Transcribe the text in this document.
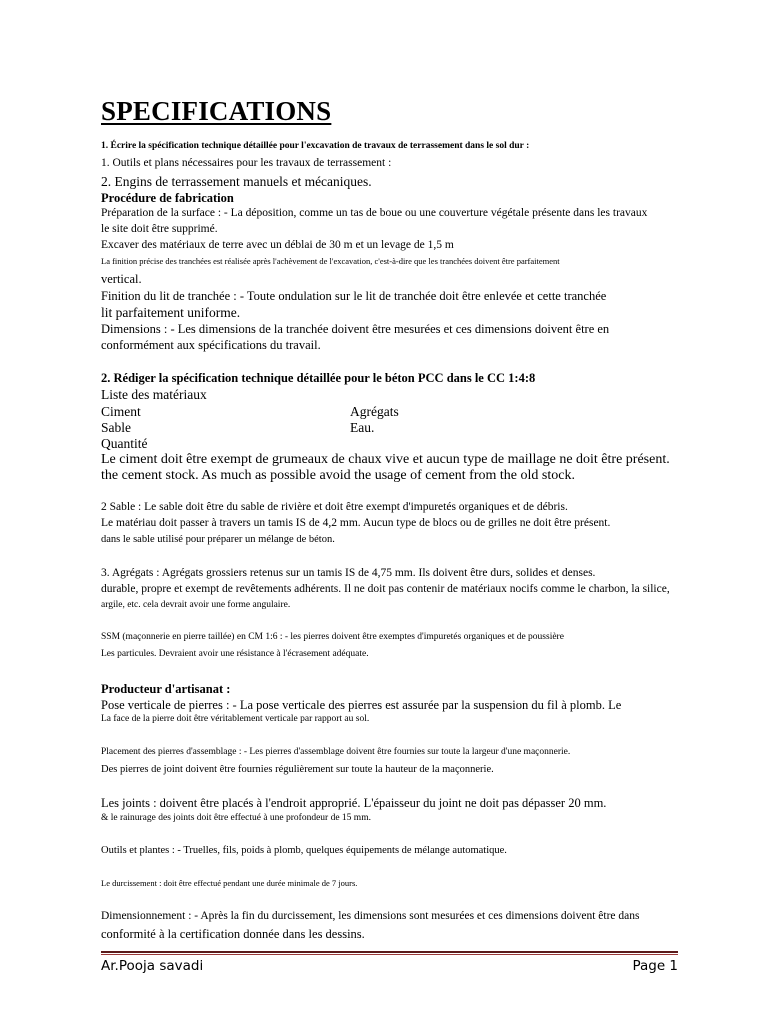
SPECIFICATIONS
1. Écrire la spécification technique détaillée pour l'excavation de travaux de terrassement dans le sol dur :
1. Outils et plans nécessaires pour les travaux de terrassement :
2. Engins de terrassement manuels et mécaniques.
Procédure de fabrication
Préparation de la surface : - La déposition, comme un tas de boue ou une couverture végétale présente dans les travaux
le site doit être supprimé.
Excaver des matériaux de terre avec un déblai de 30 m et un levage de 1,5 m
La finition précise des tranchées est réalisée après l'achèvement de l'excavation, c'est-à-dire que les tranchées doivent être parfaitement
vertical.
Finition du lit de tranchée : - Toute ondulation sur le lit de tranchée doit être enlevée et cette tranchée
lit parfaitement uniforme.
Dimensions : - Les dimensions de la tranchée doivent être mesurées et ces dimensions doivent être en
conformément aux spécifications du travail.
2. Rédiger la spécification technique détaillée pour le béton PCC dans le CC 1:4:8
Liste des matériaux
Ciment	Agrégats
Sable	Eau.
Quantité
Le ciment doit être exempt de grumeaux de chaux vive et aucun type de maillage ne doit être présent.
the cement stock. As much as possible avoid the usage of cement from the old stock.
2 Sable : Le sable doit être du sable de rivière et doit être exempt d'impuretés organiques et de débris.
Le matériau doit passer à travers un tamis IS de 4,2 mm. Aucun type de blocs ou de grilles ne doit être présent.
dans le sable utilisé pour préparer un mélange de béton.
3. Agrégats : Agrégats grossiers retenus sur un tamis IS de 4,75 mm. Ils doivent être durs, solides et denses.
durable, propre et exempt de revêtements adhérents. Il ne doit pas contenir de matériaux nocifs comme le charbon, la silice,
argile, etc. cela devrait avoir une forme angulaire.
SSM (maçonnerie en pierre taillée) en CM 1:6 : - les pierres doivent être exemptes d'impuretés organiques et de poussière
Les particules. Devraient avoir une résistance à l'écrasement adéquate.
Producteur d'artisanat :
Pose verticale de pierres : - La pose verticale des pierres est assurée par la suspension du fil à plomb. Le
La face de la pierre doit être véritablement verticale par rapport au sol.
Placement des pierres d'assemblage : - Les pierres d'assemblage doivent être fournies sur toute la largeur d'une maçonnerie.
Des pierres de joint doivent être fournies régulièrement sur toute la hauteur de la maçonnerie.
Les joints : doivent être placés à l'endroit approprié. L'épaisseur du joint ne doit pas dépasser 20 mm.
& le rainurage des joints doit être effectué à une profondeur de 15 mm.
Outils et plantes : - Truelles, fils, poids à plomb, quelques équipements de mélange automatique.
Le durcissement : doit être effectué pendant une durée minimale de 7 jours.
Dimensionnement : - Après la fin du durcissement, les dimensions sont mesurées et ces dimensions doivent être dans
conformité à la certification donnée dans les dessins.
Ar.Pooja savadi	Page 1
